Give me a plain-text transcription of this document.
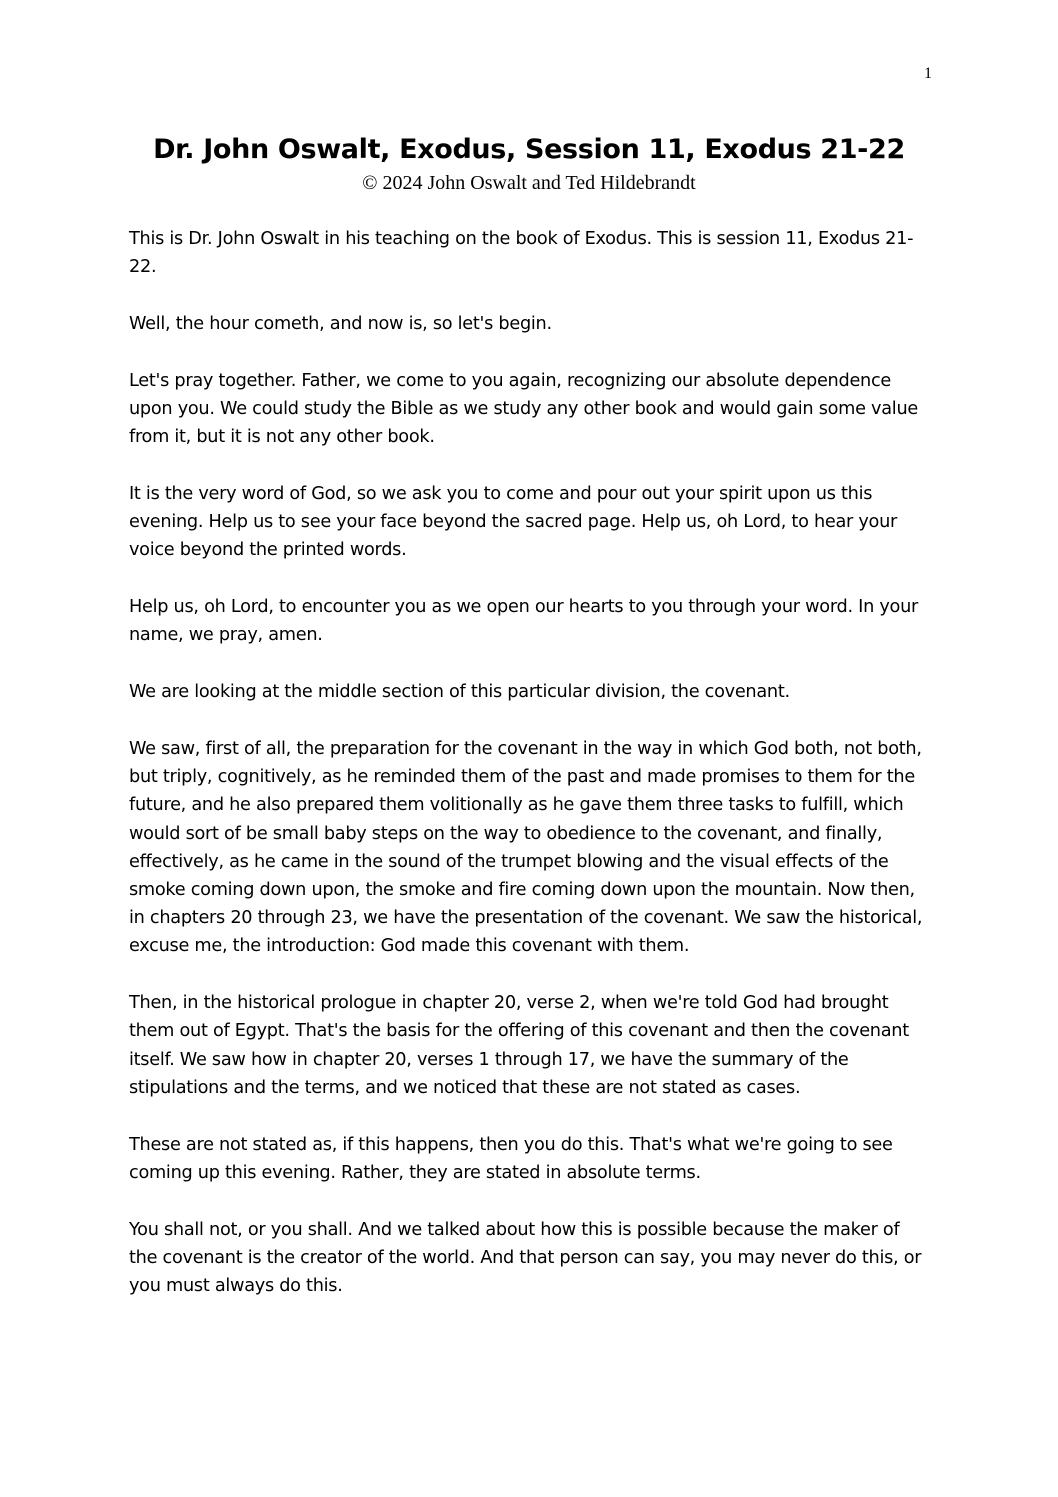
1
Dr. John Oswalt, Exodus, Session 11, Exodus 21-22
© 2024 John Oswalt and Ted Hildebrandt

This is Dr. John Oswalt in his teaching on the book of Exodus. This is session 11, Exodus 21-22.

Well, the hour cometh, and now is, so let's begin.

Let's pray together. Father, we come to you again, recognizing our absolute dependence upon you. We could study the Bible as we study any other book and would gain some value from it, but it is not any other book.

It is the very word of God, so we ask you to come and pour out your spirit upon us this evening. Help us to see your face beyond the sacred page. Help us, oh Lord, to hear your voice beyond the printed words.

Help us, oh Lord, to encounter you as we open our hearts to you through your word. In your name, we pray, amen.

We are looking at the middle section of this particular division, the covenant.

We saw, first of all, the preparation for the covenant in the way in which God both, not both, but triply, cognitively, as he reminded them of the past and made promises to them for the future, and he also prepared them volitionally as he gave them three tasks to fulfill, which would sort of be small baby steps on the way to obedience to the covenant, and finally, effectively, as he came in the sound of the trumpet blowing and the visual effects of the smoke coming down upon, the smoke and fire coming down upon the mountain. Now then, in chapters 20 through 23, we have the presentation of the covenant. We saw the historical, excuse me, the introduction: God made this covenant with them.

Then, in the historical prologue in chapter 20, verse 2, when we're told God had brought them out of Egypt. That's the basis for the offering of this covenant and then the covenant itself. We saw how in chapter 20, verses 1 through 17, we have the summary of the stipulations and the terms, and we noticed that these are not stated as cases.

These are not stated as, if this happens, then you do this. That's what we're going to see coming up this evening. Rather, they are stated in absolute terms.

You shall not, or you shall. And we talked about how this is possible because the maker of the covenant is the creator of the world. And that person can say, you may never do this, or you must always do this.
